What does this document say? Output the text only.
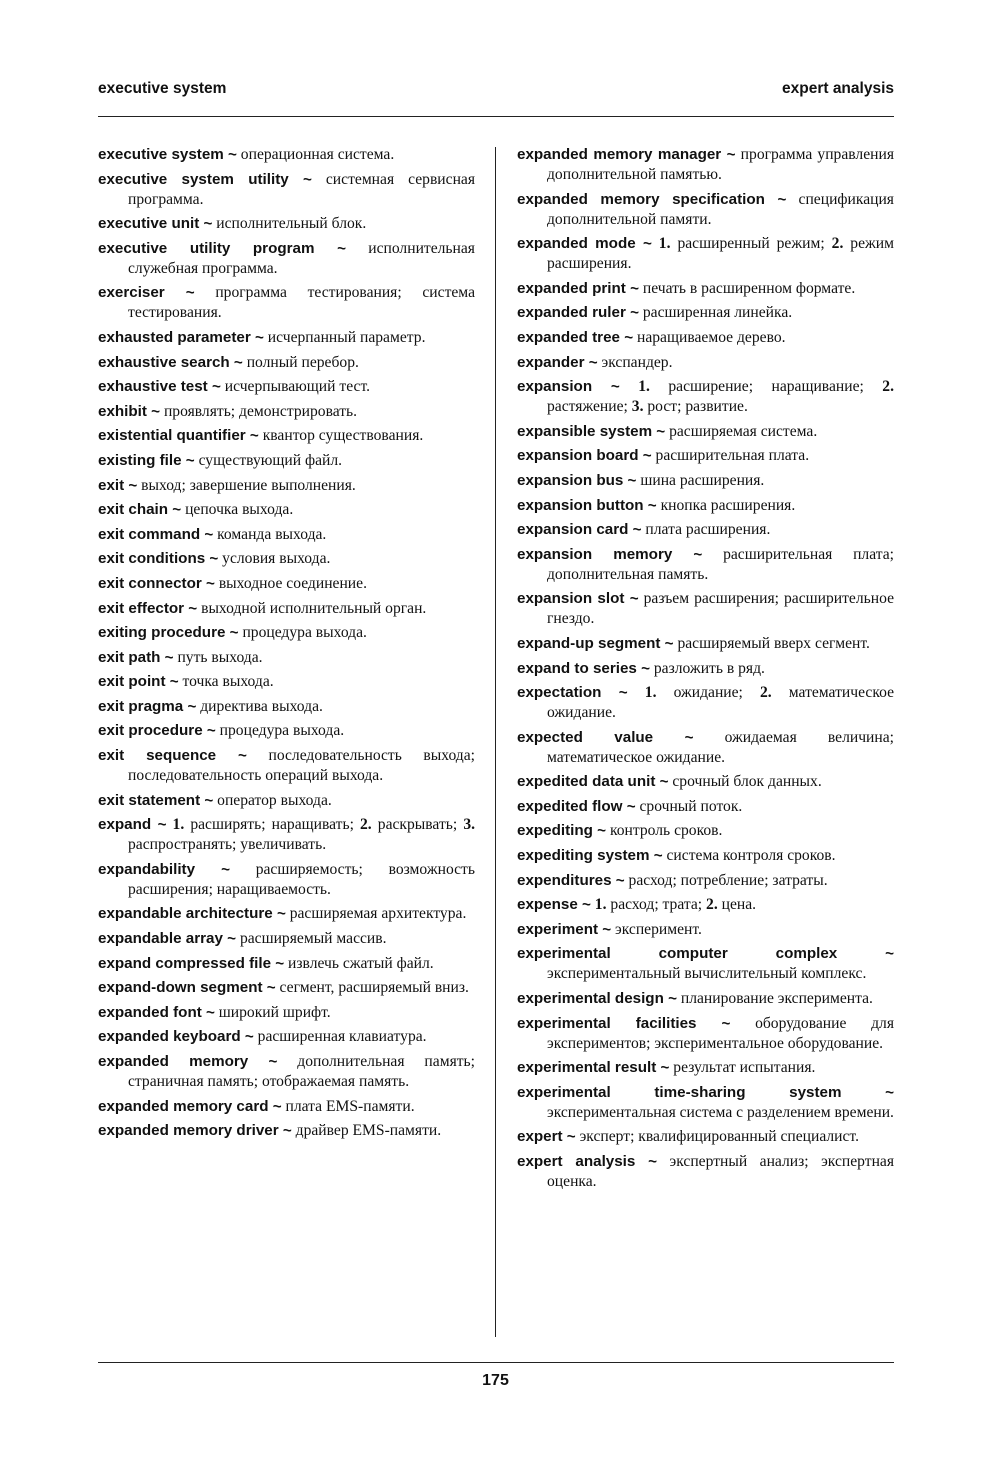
executive system	expert analysis
executive system ~ операционная система.
executive system utility ~ системная сервисная программа.
executive unit ~ исполнительный блок.
executive utility program ~ исполнительная служебная программа.
exerciser ~ программа тестирования; система тестирования.
exhausted parameter ~ исчерпанный параметр.
exhaustive search ~ полный перебор.
exhaustive test ~ исчерпывающий тест.
exhibit ~ проявлять; демонстрировать.
existential quantifier ~ квантор существования.
existing file ~ существующий файл.
exit ~ выход; завершение выполнения.
exit chain ~ цепочка выхода.
exit command ~ команда выхода.
exit conditions ~ условия выхода.
exit connector ~ выходное соединение.
exit effector ~ выходной исполнительный орган.
exiting procedure ~ процедура выхода.
exit path ~ путь выхода.
exit point ~ точка выхода.
exit pragma ~ директива выхода.
exit procedure ~ процедура выхода.
exit sequence ~ последовательность выхода; последовательность операций выхода.
exit statement ~ оператор выхода.
expand ~ 1. расширять; наращивать; 2. раскрывать; 3. распространять; увеличивать.
expandability ~ расширяемость; возможность расширения; наращиваемость.
expandable architecture ~ расширяемая архитектура.
expandable array ~ расширяемый массив.
expand compressed file ~ извлечь сжатый файл.
expand-down segment ~ сегмент, расширяемый вниз.
expanded font ~ широкий шрифт.
expanded keyboard ~ расширенная клавиатура.
expanded memory ~ дополнительная память; страничная память; отображаемая память.
expanded memory card ~ плата EMS-памяти.
expanded memory driver ~ драйвер EMS-памяти.
expanded memory manager ~ программа управления дополнительной памятью.
expanded memory specification ~ спецификация дополнительной памяти.
expanded mode ~ 1. расширенный режим; 2. режим расширения.
expanded print ~ печать в расширенном формате.
expanded ruler ~ расширенная линейка.
expanded tree ~ наращиваемое дерево.
expander ~ экспандер.
expansion ~ 1. расширение; наращивание; 2. растяжение; 3. рост; развитие.
expansible system ~ расширяемая система.
expansion board ~ расширительная плата.
expansion bus ~ шина расширения.
expansion button ~ кнопка расширения.
expansion card ~ плата расширения.
expansion memory ~ расширительная плата; дополнительная память.
expansion slot ~ разъем расширения; расширительное гнездо.
expand-up segment ~ расширяемый вверх сегмент.
expand to series ~ разложить в ряд.
expectation ~ 1. ожидание; 2. математическое ожидание.
expected value ~ ожидаемая величина; математическое ожидание.
expedited data unit ~ срочный блок данных.
expedited flow ~ срочный поток.
expediting ~ контроль сроков.
expediting system ~ система контроля сроков.
expenditures ~ расход; потребление; затраты.
expense ~ 1. расход; трата; 2. цена.
experiment ~ эксперимент.
experimental computer complex ~ экспериментальный вычислительный комплекс.
experimental design ~ планирование эксперимента.
experimental facilities ~ оборудование для экспериментов; экспериментальное оборудование.
experimental result ~ результат испытания.
experimental time-sharing system ~ экспериментальная система с разделением времени.
expert ~ эксперт; квалифицированный специалист.
expert analysis ~ экспертный анализ; экспертная оценка.
175
